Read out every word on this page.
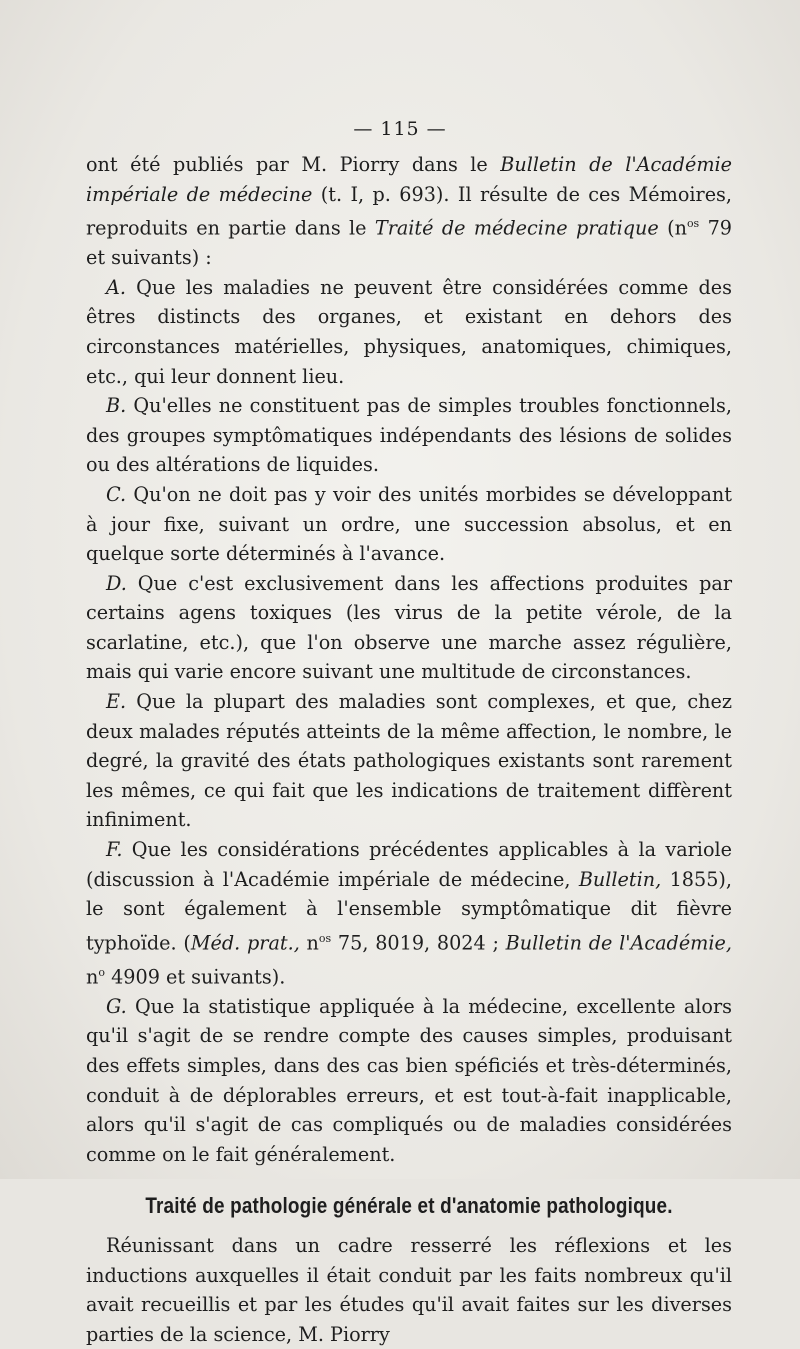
— 115 —

ont été publiés par M. Piorry dans le Bulletin de l'Académie impériale de médecine (t. I, p. 693). Il résulte de ces Mémoires, reproduits en partie dans le Traité de médecine pratique ($n^{os}$ 79 et suivants) :

A. Que les maladies ne peuvent être considérées comme des êtres distincts des organes, et existant en dehors des circonstances matérielles, physiques, anatomiques, chimiques, etc., qui leur donnent lieu.

B. Qu'elles ne constituent pas de simples troubles fonctionnels, des groupes symptômatiques indépendants des lésions de solides ou des altérations de liquides.

C. Qu'on ne doit pas y voir des unités morbides se développant à jour fixe, suivant un ordre, une succession absolus, et en quelque sorte déterminés à l'avance.

D. Que c'est exclusivement dans les affections produites par certains agens toxiques (les virus de la petite vérole, de la scarlatine, etc.), que l'on observe une marche assez régulière, mais qui varie encore suivant une multitude de circonstances.

E. Que la plupart des maladies sont complexes, et que, chez deux malades réputés atteints de la même affection, le nombre, le degré, la gravité des états pathologiques existants sont rarement les mêmes, ce qui fait que les indications de traitement diffèrent infiniment.

F. Que les considérations précédentes applicables à la variole (discussion à l'Académie impériale de médecine, Bulletin, 1855), le sont également à l'ensemble symptômatique dit fièvre typhoïde. (Méd. prat., $n^{os}$ 75, 8019, 8024 ; Bulletin de l'Académie, $n^o$ 4909 et suivants).

G. Que la statistique appliquée à la médecine, excellente alors qu'il s'agit de se rendre compte des causes simples, produisant des effets simples, dans des cas bien spéficiés et très-déterminés, conduit à de déplorables erreurs, et est tout-à-fait inapplicable, alors qu'il s'agit de cas compliqués ou de maladies considérées comme on le fait généralement.

Traité de pathologie générale et d'anatomie pathologique.

Réunissant dans un cadre resserré les réflexions et les inductions auxquelles il était conduit par les faits nombreux qu'il avait recueillis et par les études qu'il avait faites sur les diverses parties de la science, M. Piorry
